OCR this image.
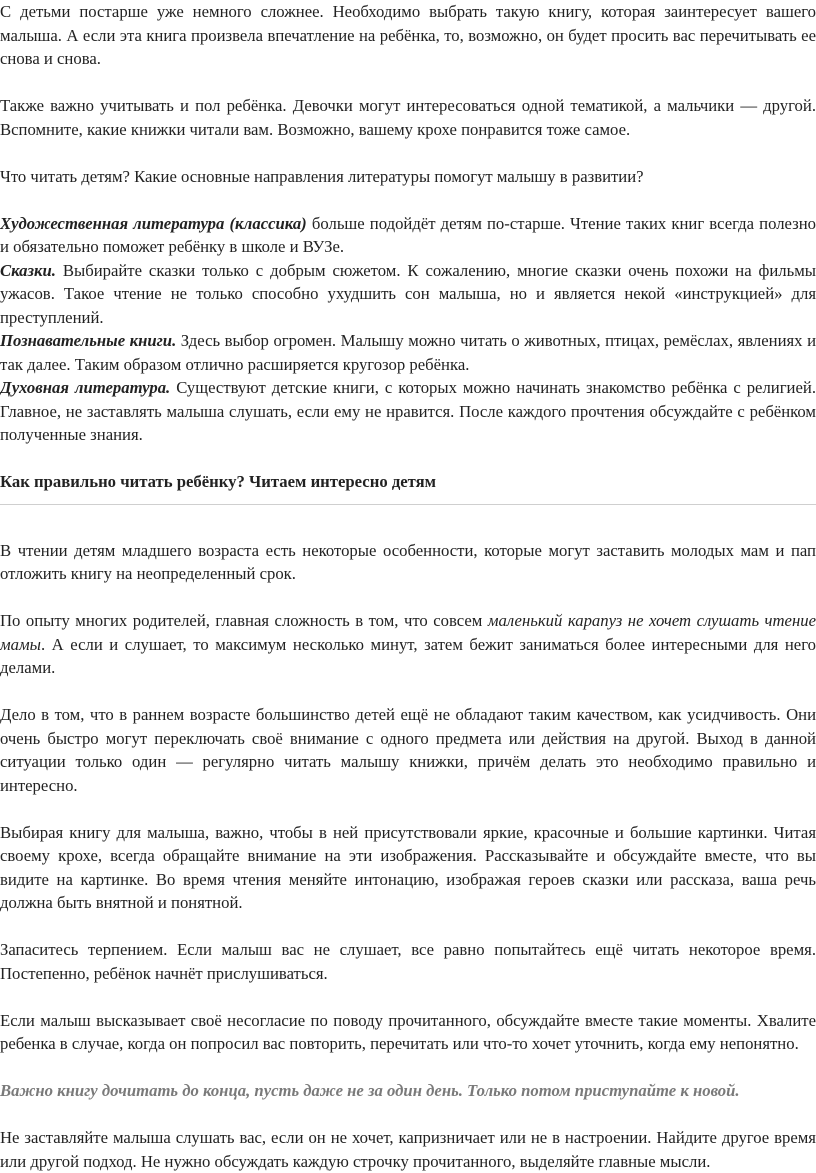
С детьми постарше уже немного сложнее. Необходимо выбрать такую книгу, которая заинтересует вашего малыша. А если эта книга произвела впечатление на ребёнка, то, возможно, он будет просить вас перечитывать ее снова и снова.

Также важно учитывать и пол ребёнка. Девочки могут интересоваться одной тематикой, а мальчики — другой. Вспомните, какие книжки читали вам. Возможно, вашему крохе понравится тоже самое.

Что читать детям? Какие основные направления литературы помогут малышу в развитии?

Художественная литература (классика) больше подойдёт детям по-старше. Чтение таких книг всегда полезно и обязательно поможет ребёнку в школе и ВУЗе.

Сказки. Выбирайте сказки только с добрым сюжетом. К сожалению, многие сказки очень похожи на фильмы ужасов. Такое чтение не только способно ухудшить сон малыша, но и является некой «инструкцией» для преступлений.

Познавательные книги. Здесь выбор огромен. Малышу можно читать о животных, птицах, ремёслах, явлениях и так далее. Таким образом отлично расширяется кругозор ребёнка.

Духовная литература. Существуют детские книги, с которых можно начинать знакомство ребёнка с религией. Главное, не заставлять малыша слушать, если ему не нравится. После каждого прочтения обсуждайте с ребёнком полученные знания.

Как правильно читать ребёнку? Читаем интересно детям

В чтении детям младшего возраста есть некоторые особенности, которые могут заставить молодых мам и пап отложить книгу на неопределенный срок.

По опыту многих родителей, главная сложность в том, что совсем маленький карапуз не хочет слушать чтение мамы. А если и слушает, то максимум несколько минут, затем бежит заниматься более интересными для него делами.

Дело в том, что в раннем возрасте большинство детей ещё не обладают таким качеством, как усидчивость. Они очень быстро могут переключать своё внимание с одного предмета или действия на другой. Выход в данной ситуации только один — регулярно читать малышу книжки, причём делать это необходимо правильно и интересно.

Выбирая книгу для малыша, важно, чтобы в ней присутствовали яркие, красочные и большие картинки. Читая своему крохе, всегда обращайте внимание на эти изображения. Рассказывайте и обсуждайте вместе, что вы видите на картинке. Во время чтения меняйте интонацию, изображая героев сказки или рассказа, ваша речь должна быть внятной и понятной.

Запаситесь терпением. Если малыш вас не слушает, все равно попытайтесь ещё читать некоторое время. Постепенно, ребёнок начнёт прислушиваться.

Если малыш высказывает своё несогласие по поводу прочитанного, обсуждайте вместе такие моменты. Хвалите ребенка в случае, когда он попросил вас повторить, перечитать или что-то хочет уточнить, когда ему непонятно.

Важно книгу дочитать до конца, пусть даже не за один день. Только потом приступайте к новой.

Не заставляйте малыша слушать вас, если он не хочет, капризничает или не в настроении. Найдите другое время или другой подход. Не нужно обсуждать каждую строчку прочитанного, выделяйте главные мысли.
